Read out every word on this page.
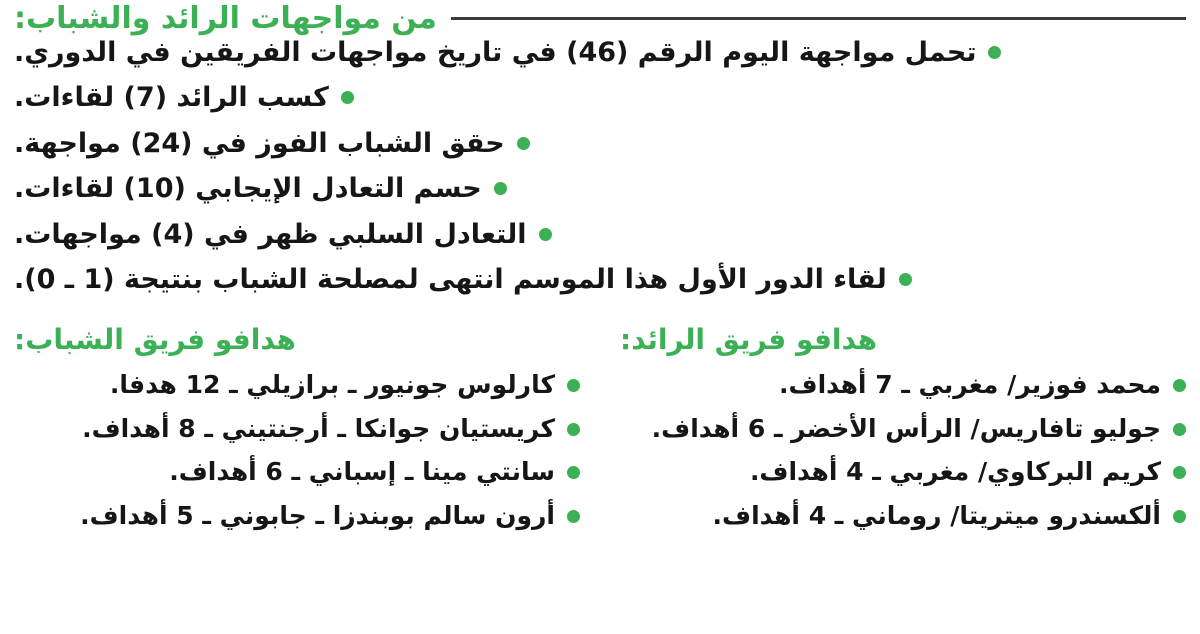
من مواجهات الرائد والشباب:
تحمل مواجهة اليوم الرقم (46) في تاريخ مواجهات الفريقين في الدوري.
كسب الرائد (7) لقاءات.
حقق الشباب الفوز في (24) مواجهة.
حسم التعادل الإيجابي (10) لقاءات.
التعادل السلبي ظهر في (4) مواجهات.
لقاء الدور الأول هذا الموسم انتهى لمصلحة الشباب بنتيجة (1 ـ 0).
هدافو فريق الرائد:
محمد فوزير/ مغربي ـ 7 أهداف.
جوليو تافاريس/ الرأس الأخضر ـ 6 أهداف.
كريم البركاوي/ مغربي ـ 4 أهداف.
ألكسندرو ميتريتا/ روماني ـ 4 أهداف.
هدافو فريق الشباب:
كارلوس جونيور ـ برازيلي ـ 12 هدفا.
كريستيان جوانكا ـ أرجنتيني ـ 8 أهداف.
سانتي مينا ـ إسباني ـ 6 أهداف.
أرون سالم بوبندزا ـ جابوني ـ 5 أهداف.
